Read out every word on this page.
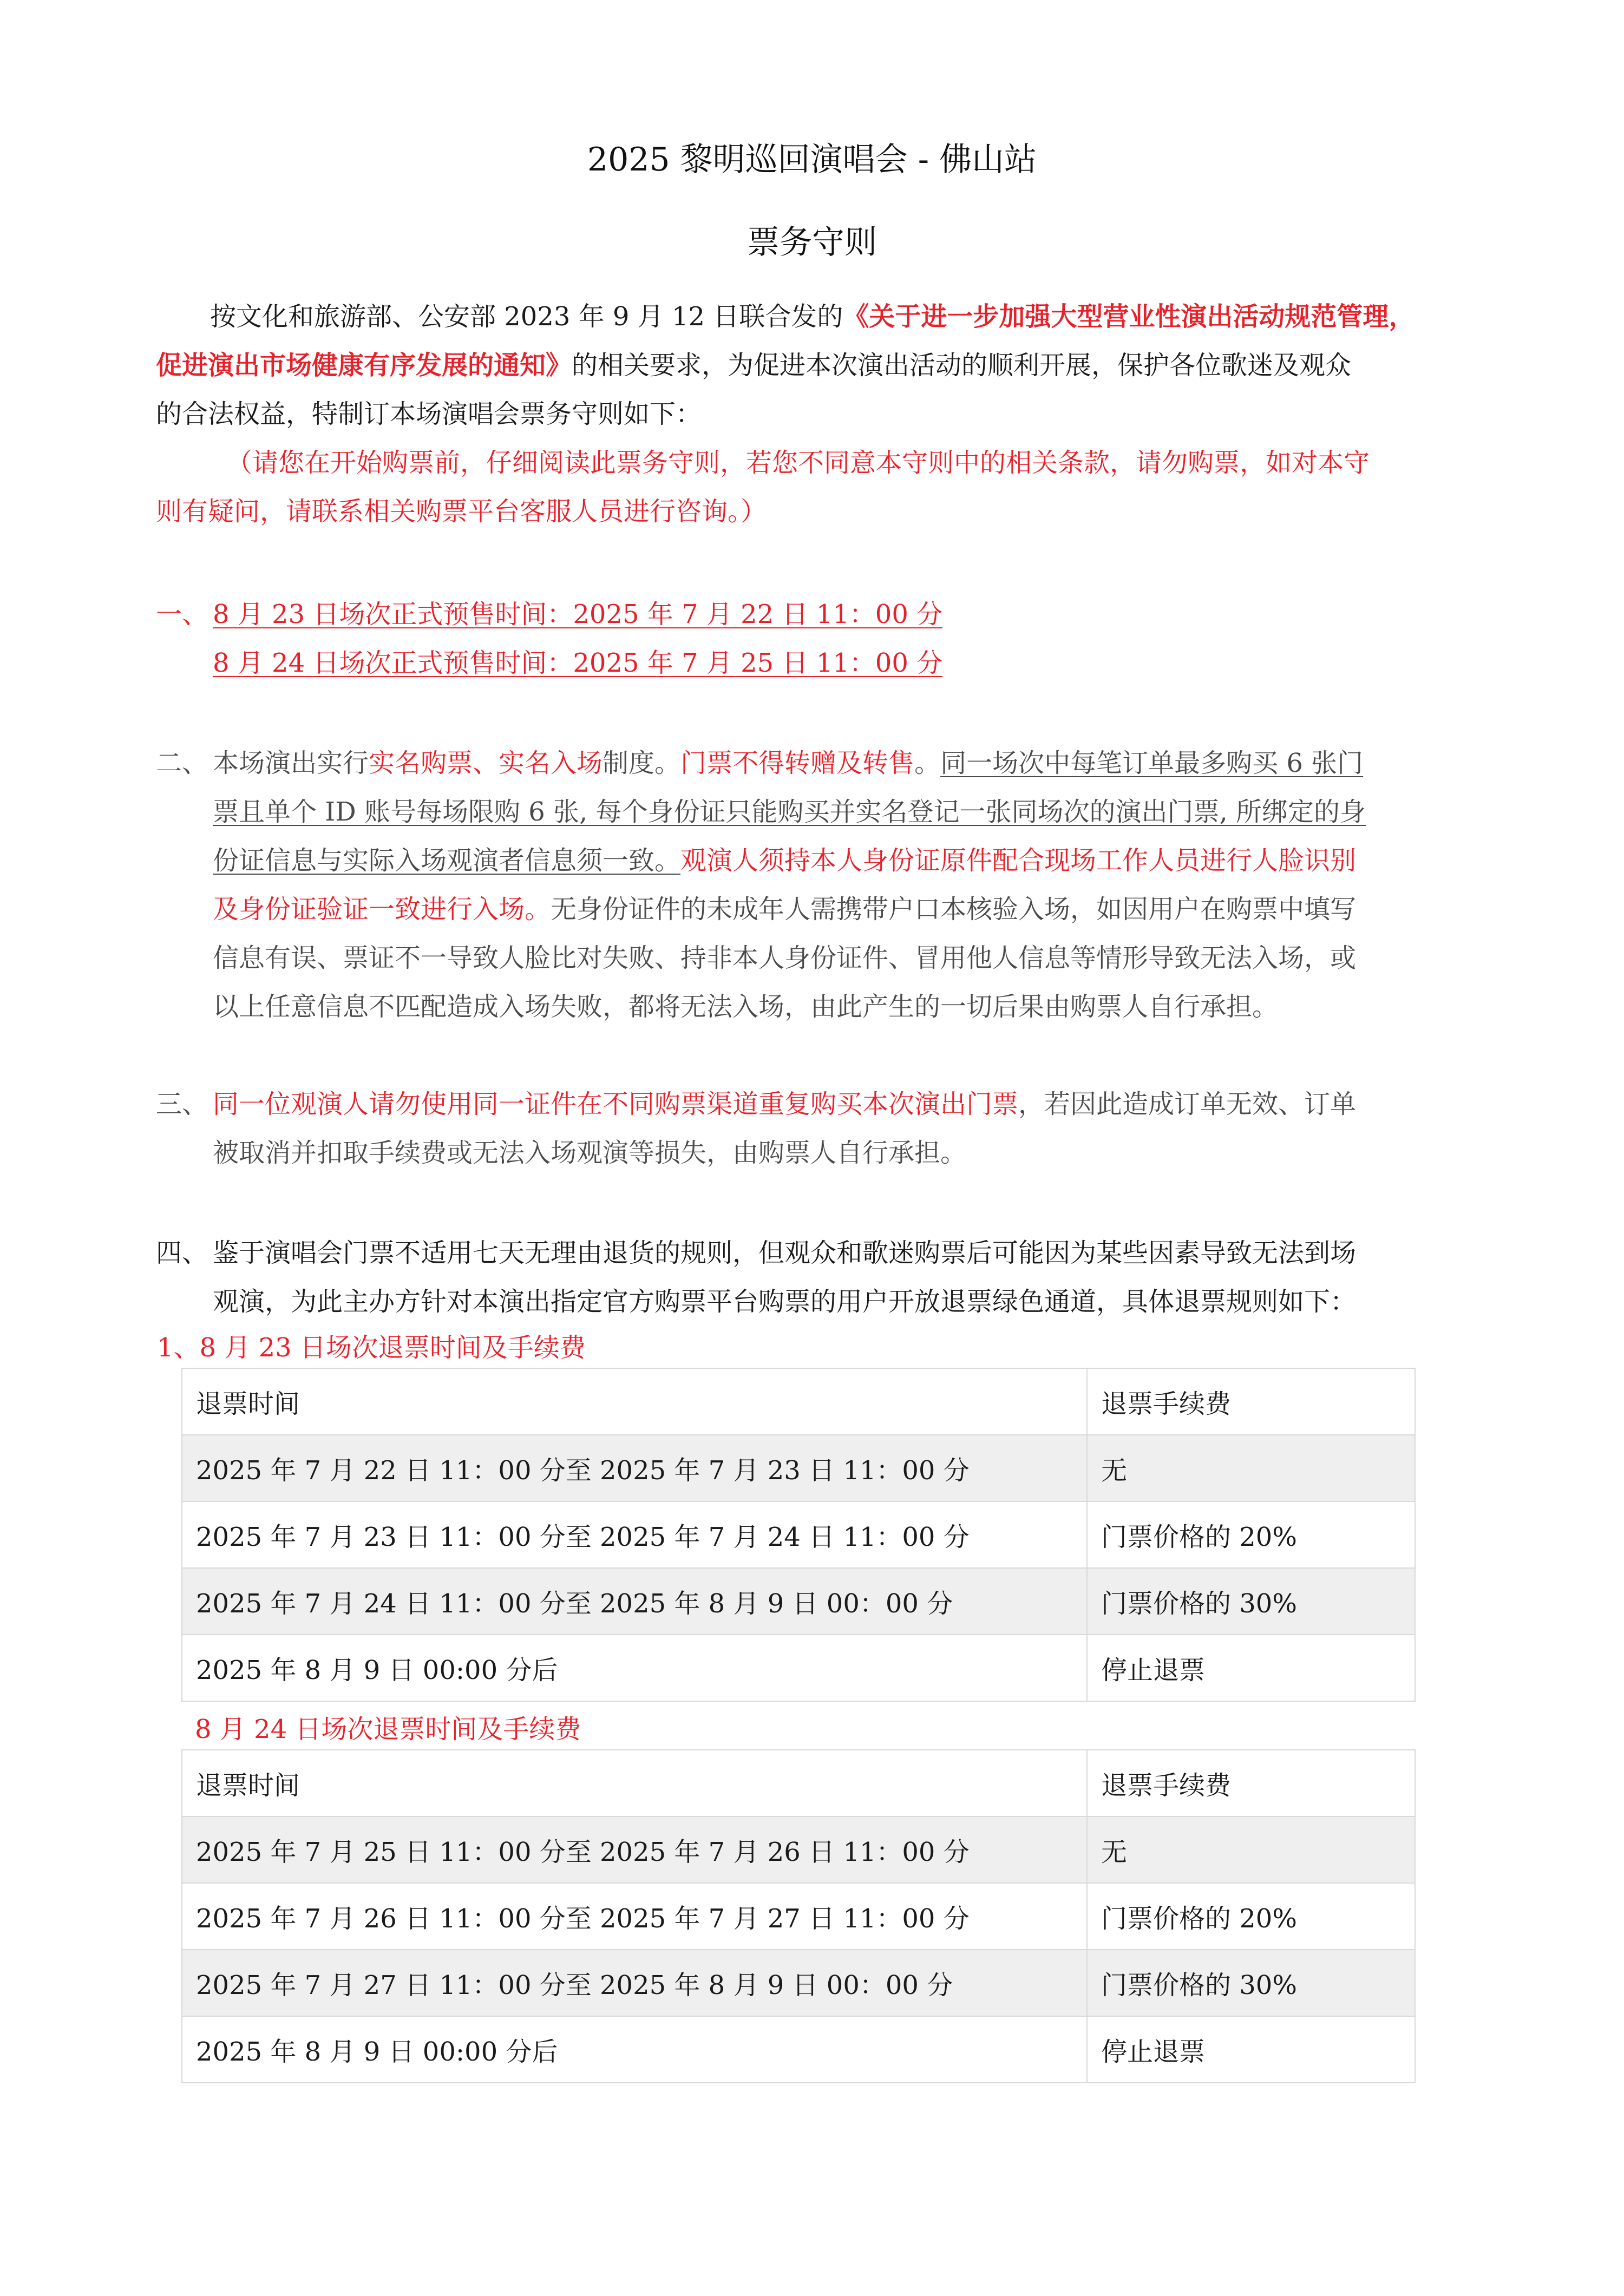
2025 黎明巡回演唱会 - 佛山站
票务守则
按文化和旅游部、公安部 2023 年 9 月 12 日联合发的《关于进一步加强大型营业性演出活动规范管理，
促进演出市场健康有序发展的通知》的相关要求，为促进本次演出活动的顺利开展，保护各位歌迷及观众
的合法权益，特制订本场演唱会票务守则如下：
（请您在开始购票前，仔细阅读此票务守则，若您不同意本守则中的相关条款，请勿购票，如对本守
则有疑问，请联系相关购票平台客服人员进行咨询。）
一、 8 月 23 日场次正式预售时间：2025 年 7 月 22 日 11：00 分
8 月 24 日场次正式预售时间：2025 年 7 月 25 日 11：00 分
二、 本场演出实行实名购票、实名入场制度。门票不得转赠及转售。同一场次中每笔订单最多购买 6 张门
票且单个 ID 账号每场限购 6 张, 每个身份证只能购买并实名登记一张同场次的演出门票, 所绑定的身
份证信息与实际入场观演者信息须一致。观演人须持本人身份证原件配合现场工作人员进行人脸识别
及身份证验证一致进行入场。无身份证件的未成年人需携带户口本核验入场，如因用户在购票中填写
信息有误、票证不一导致人脸比对失败、持非本人身份证件、冒用他人信息等情形导致无法入场，或
以上任意信息不匹配造成入场失败，都将无法入场，由此产生的一切后果由购票人自行承担。
三、 同一位观演人请勿使用同一证件在不同购票渠道重复购买本次演出门票，若因此造成订单无效、订单
被取消并扣取手续费或无法入场观演等损失，由购票人自行承担。
四、 鉴于演唱会门票不适用七天无理由退货的规则，但观众和歌迷购票后可能因为某些因素导致无法到场
观演，为此主办方针对本演出指定官方购票平台购票的用户开放退票绿色通道，具体退票规则如下：
1、8 月 23 日场次退票时间及手续费
退票时间	退票手续费
2025 年 7 月 22 日 11：00 分至 2025 年 7 月 23 日 11：00 分	无
2025 年 7 月 23 日 11：00 分至 2025 年 7 月 24 日 11：00 分	门票价格的 20%
2025 年 7 月 24 日 11：00 分至 2025 年 8 月 9 日 00：00 分	门票价格的 30%
2025 年 8 月 9 日 00:00 分后	停止退票
8 月 24 日场次退票时间及手续费
退票时间	退票手续费
2025 年 7 月 25 日 11：00 分至 2025 年 7 月 26 日 11：00 分	无
2025 年 7 月 26 日 11：00 分至 2025 年 7 月 27 日 11：00 分	门票价格的 20%
2025 年 7 月 27 日 11：00 分至 2025 年 8 月 9 日 00：00 分	门票价格的 30%
2025 年 8 月 9 日 00:00 分后	停止退票
